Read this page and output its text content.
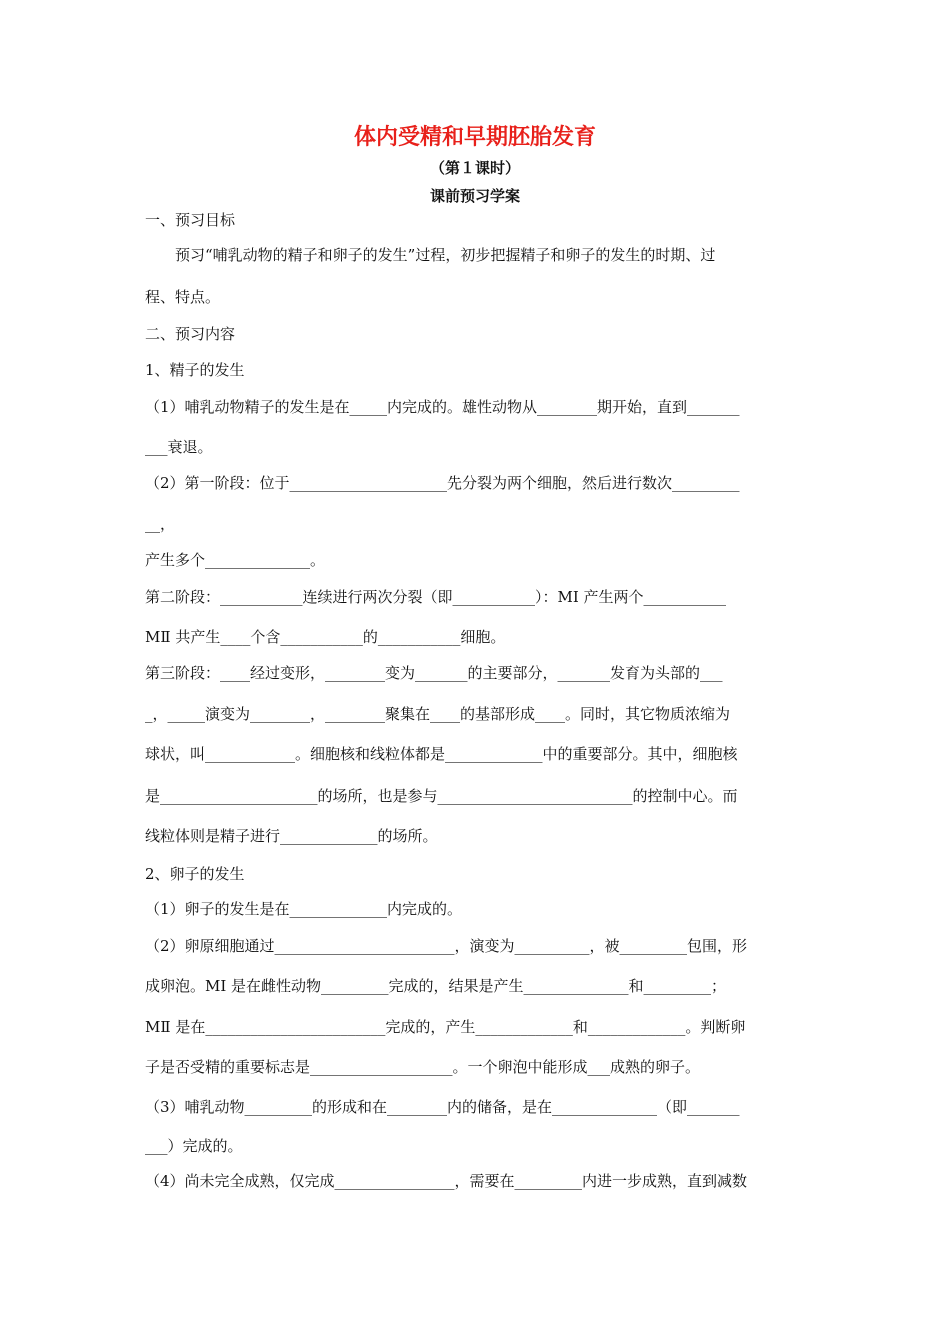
体内受精和早期胚胎发育
（第１课时）
课前预习学案
一、预习目标
预习“哺乳动物的精子和卵子的发生”过程，初步把握精子和卵子的发生的时期、过
程、特点。
二、预习内容
1、精子的发生
（1）哺乳动物精子的发生是在_____内完成的。雄性动物从________期开始，直到_______
___衰退。
（2）第一阶段：位于_____________________先分裂为两个细胞，然后进行数次_________
__，
产生多个______________。
第二阶段：___________连续进行两次分裂（即___________）：MⅠ 产生两个___________
MⅡ 共产生____个含___________的___________细胞。
第三阶段：____经过变形，________变为_______的主要部分，_______发育为头部的___
_，_____演变为________，________聚集在____的基部形成____。同时，其它物质浓缩为
球状，叫____________。细胞核和线粒体都是_____________中的重要部分。其中，细胞核
是_____________________的场所，也是参与__________________________的控制中心。而
线粒体则是精子进行_____________的场所。
2、卵子的发生
（1）卵子的发生是在_____________内完成的。
（2）卵原细胞通过________________________，演变为__________，被_________包围，形
成卵泡。MⅠ 是在雌性动物_________完成的，结果是产生______________和_________；
MⅡ 是在________________________完成的，产生_____________和_____________。判断卵
子是否受精的重要标志是___________________。一个卵泡中能形成___成熟的卵子。
（3）哺乳动物_________的形成和在________内的储备，是在______________（即_______
___）完成的。
（4）尚未完全成熟，仅完成________________，需要在_________内进一步成熟，直到减数
